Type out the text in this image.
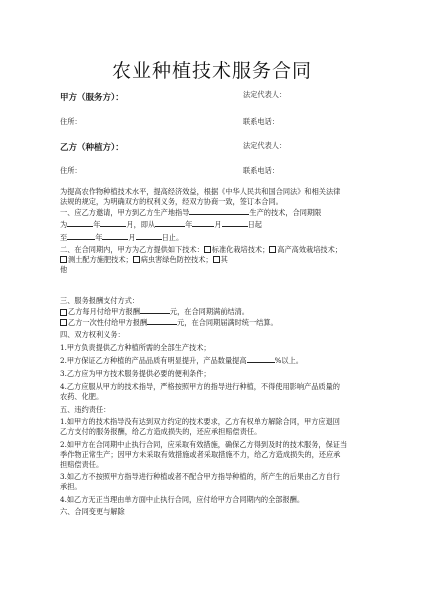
农业种植技术服务合同
甲方（服务方）：	法定代表人：
住所：	联系电话：
乙方（种植方）：	法定代表人：
住所：	联系电话：

为提高农作物种植技术水平，提高经济效益，根据《中华人民共和国合同法》和相关法律

法规的规定，为明确双方的权利义务，经双方协商一致，签订本合同。

一、应乙方邀请，甲方到乙方生产地指导	生产的技术，合同期限

为	年	月，即从	年	月	日起

至	年	月	日止。

二、在合同期内，甲方为乙方提供如下技术： 标准化栽培技术； 高产高效栽培技术；

测土配方施肥技术； 病虫害绿色防控技术； 其

他

三、服务报酬支付方式：

乙方每月付给甲方报酬	元，在合同期满前结清。

乙方一次性付给甲方报酬	元，在合同期届满时统一结算。

四、双方权利义务：

1.甲方负责提供乙方种植所需的全部生产技术；

2.甲方保证乙方种植的产品品质有明显提升，产品数量提高	%以上。

3.乙方应为甲方技术服务提供必要的便利条件；

4.乙方应服从甲方的技术指导，严格按照甲方的指导进行种植，不得使用影响产品质量的

农药、化肥。

五、违约责任：

1.如甲方的技术指导没有达到双方约定的技术要求，乙方有权单方解除合同，甲方应退回

乙方支付的服务报酬，给乙方造成损失的，还应承担赔偿责任。

2.如甲方在合同期中止执行合同，应采取有效措施，确保乙方得到及时的技术服务，保证当

季作物正常生产；因甲方未采取有效措施或者采取措施不力，给乙方造成损失的，还应承

担赔偿责任。

3.如乙方不按照甲方指导进行种植或者不配合甲方指导种植的，所产生的后果由乙方自行

承担。

4.如乙方无正当理由单方面中止执行合同，应付给甲方合同期内的全部报酬。

六、合同变更与解除
